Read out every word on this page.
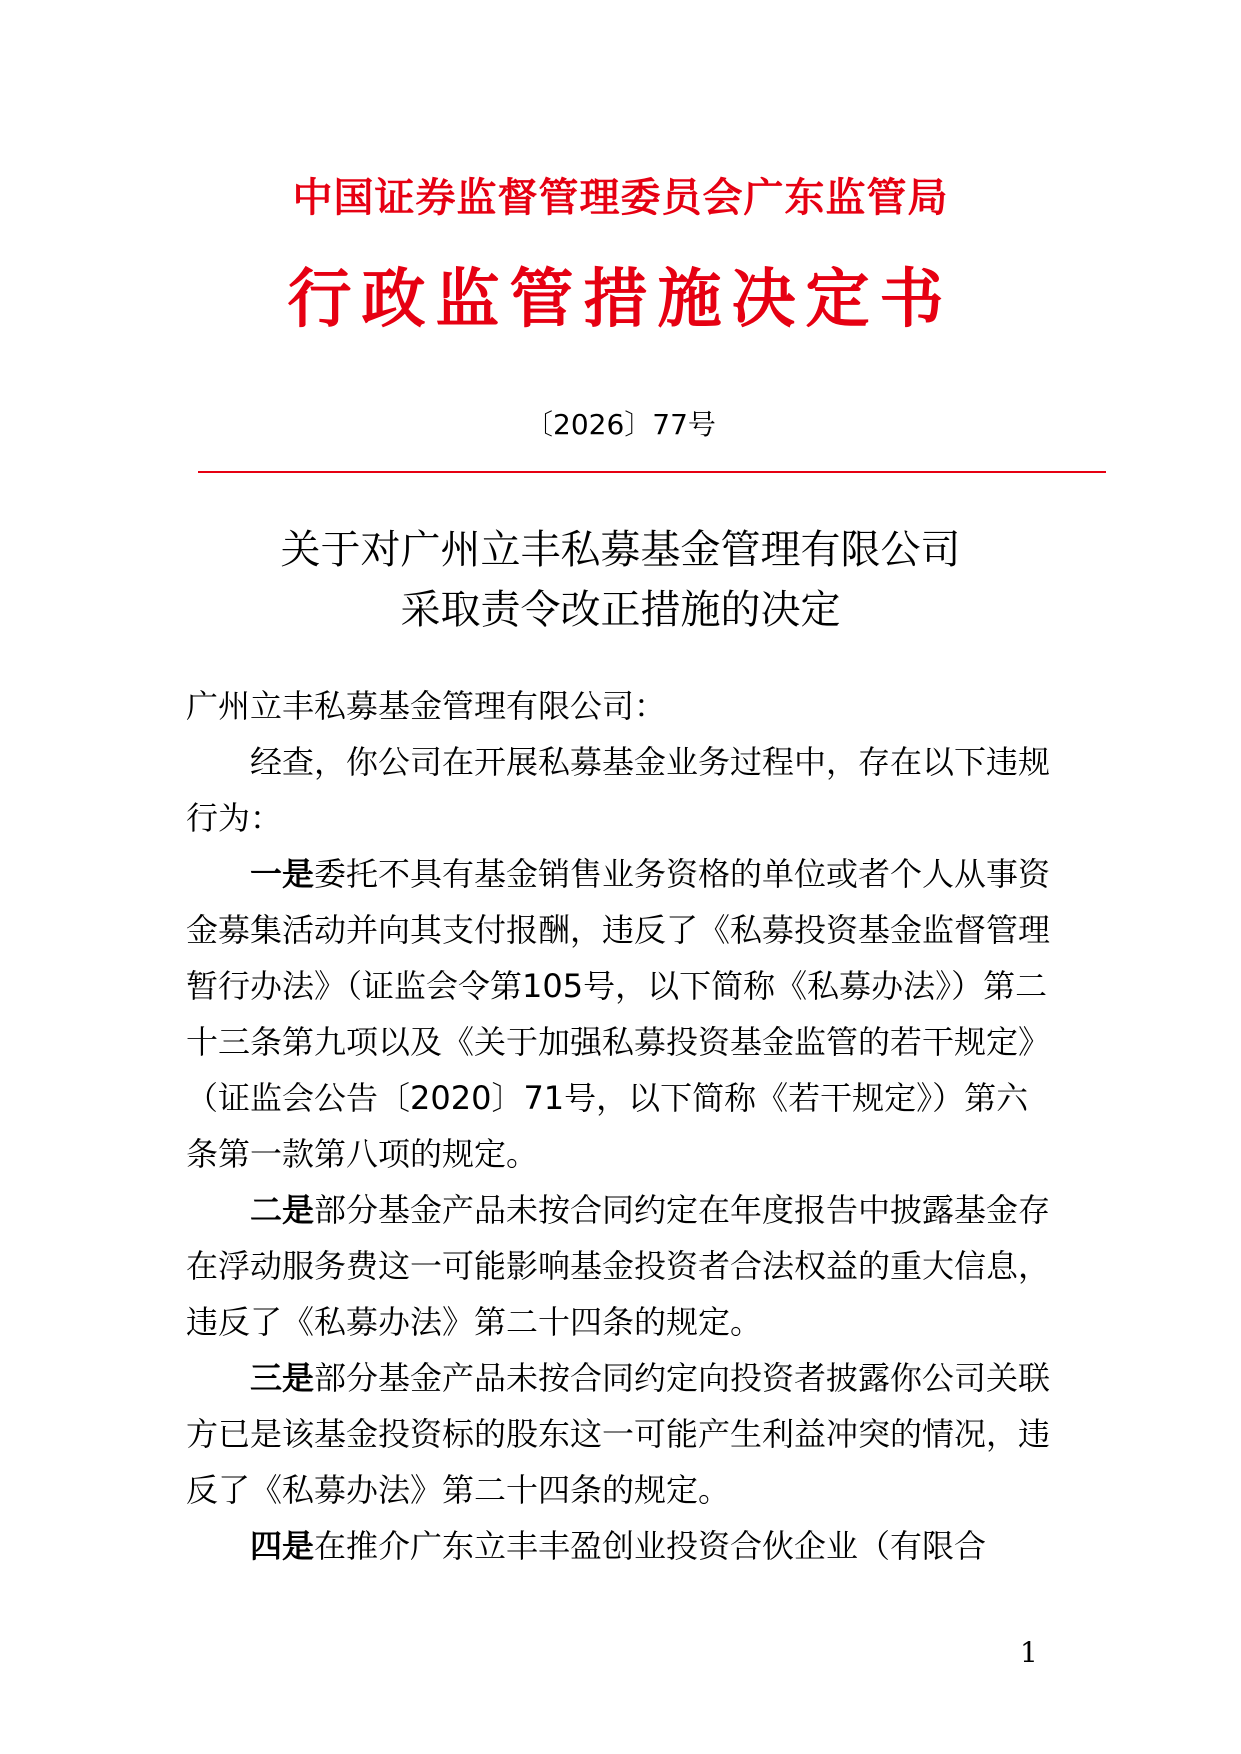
中国证券监督管理委员会广东监管局
行政监管措施决定书
〔2026〕77号
关于对广州立丰私募基金管理有限公司
采取责令改正措施的决定

广州立丰私募基金管理有限公司：

经查，你公司在开展私募基金业务过程中，存在以下违规行为：

一是委托不具有基金销售业务资格的单位或者个人从事资金募集活动并向其支付报酬，违反了《私募投资基金监督管理暂行办法》（证监会令第105号，以下简称《私募办法》）第二十三条第九项以及《关于加强私募投资基金监管的若干规定》（证监会公告〔2020〕71号，以下简称《若干规定》）第六条第一款第八项的规定。

二是部分基金产品未按合同约定在年度报告中披露基金存在浮动服务费这一可能影响基金投资者合法权益的重大信息，违反了《私募办法》第二十四条的规定。

三是部分基金产品未按合同约定向投资者披露你公司关联方已是该基金投资标的股东这一可能产生利益冲突的情况，违反了《私募办法》第二十四条的规定。

四是在推介广东立丰丰盈创业投资合伙企业（有限合

1
